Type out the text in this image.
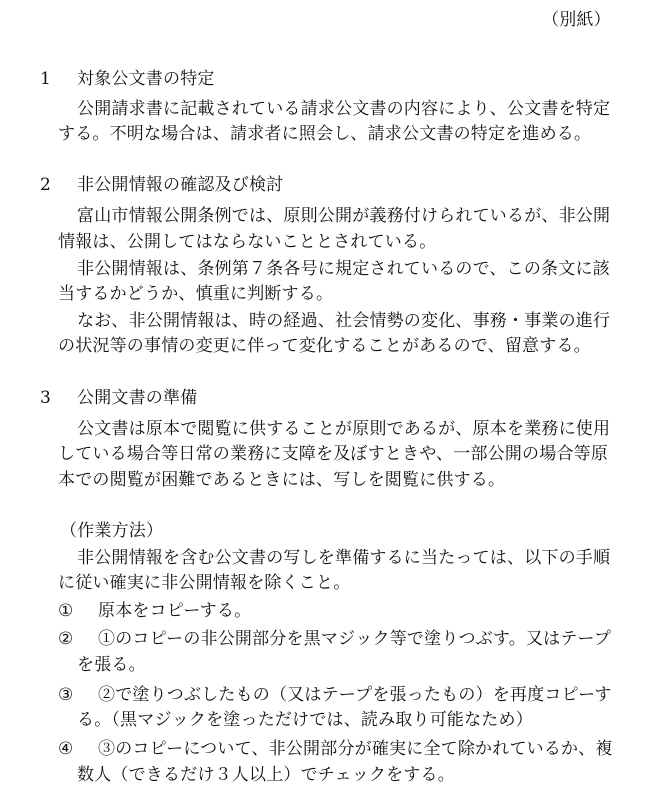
（別紙）
1 対象公文書の特定
公開請求書に記載されている請求公文書の内容により、公文書を特定
する。不明な場合は、請求者に照会し、請求公文書の特定を進める。
2 非公開情報の確認及び検討
富山市情報公開条例では、原則公開が義務付けられているが、非公開
情報は、公開してはならないこととされている。
非公開情報は、条例第７条各号に規定されているので、この条文に該
当するかどうか、慎重に判断する。
なお、非公開情報は、時の経過、社会情勢の変化、事務・事業の進行
の状況等の事情の変更に伴って変化することがあるので、留意する。
3 公開文書の準備
公文書は原本で閲覧に供することが原則であるが、原本を業務に使用
している場合等日常の業務に支障を及ぼすときや、一部公開の場合等原
本での閲覧が困難であるときには、写しを閲覧に供する。
（作業方法）
非公開情報を含む公文書の写しを準備するに当たっては、以下の手順
に従い確実に非公開情報を除くこと。
① 原本をコピーする。
② ①のコピーの非公開部分を黒マジック等で塗りつぶす。又はテープ
を張る。
③ ②で塗りつぶしたもの（又はテープを張ったもの）を再度コピーす
る。（黒マジックを塗っただけでは、読み取り可能なため）
④ ③のコピーについて、非公開部分が確実に全て除かれているか、複
数人（できるだけ３人以上）でチェックをする。
